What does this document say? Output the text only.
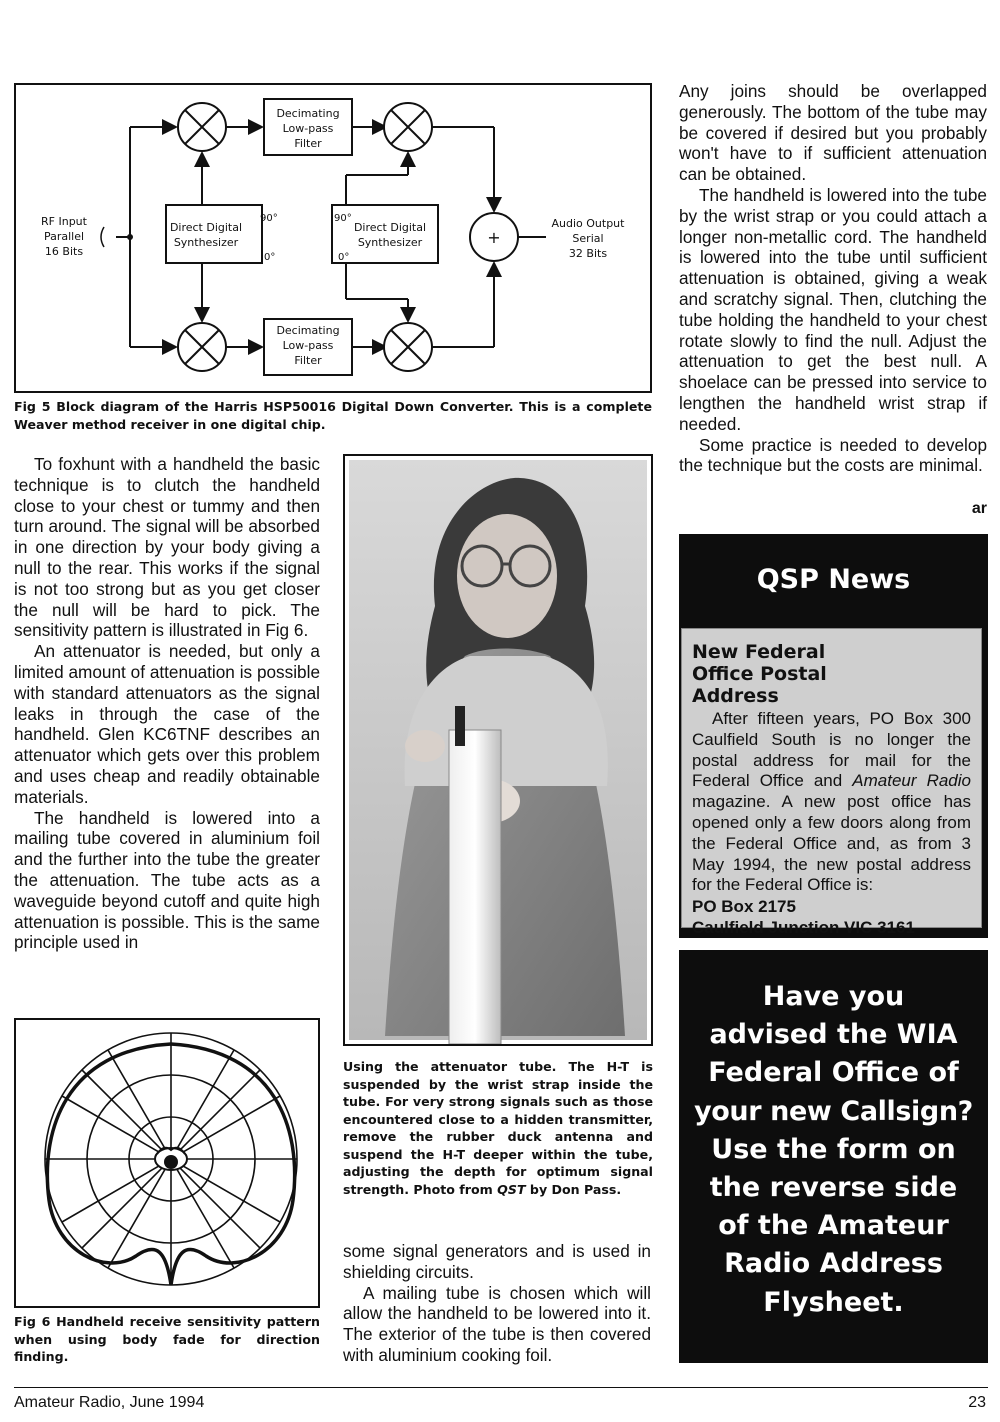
Decimating
Low-pass
Filter
Decimating
Low-pass
Filter
+
Direct Digital
Synthesizer
90°
0°
Direct Digital
Synthesizer
90°
0°
RF Input
Parallel
16 Bits
Audio Output
Serial
32 Bits

Fig 5 Block diagram of the Harris HSP50016 Digital Down Converter. This is a complete Weaver method receiver in one digital chip.

To foxhunt with a handheld the basic technique is to clutch the handheld close to your chest or tummy and then turn around. The signal will be absorbed in one direction by your body giving a null to the rear. This works if the signal is not too strong but as you get closer the null will be hard to pick. The sensitivity pattern is illustrated in Fig 6.

An attenuator is needed, but only a limited amount of attenuation is possible with standard attenuators as the signal leaks in through the case of the handheld. Glen KC6TNF describes an attenuator which gets over this problem and uses cheap and readily obtainable materials.

The handheld is lowered into a mailing tube covered in aluminium foil and the further into the tube the greater the attenuation. The tube acts as a waveguide beyond cutoff and quite high attenuation is possible. This is the same principle used in

Fig 6 Handheld receive sensitivity pattern when using body fade for direction finding.

Using the attenuator tube. The H-T is suspended by the wrist strap inside the tube. For very strong signals such as those encountered close to a hidden transmitter, remove the rubber duck antenna and suspend the H-T deeper within the tube, adjusting the depth for optimum signal strength. Photo from QST by Don Pass.

some signal generators and is used in shielding circuits.

A mailing tube is chosen which will allow the handheld to be lowered into it. The exterior of the tube is then covered with aluminium cooking foil.

Any joins should be overlapped generously. The bottom of the tube may be covered if desired but you probably won't have to if sufficient attenuation can be obtained.

The handheld is lowered into the tube by the wrist strap or you could attach a longer non-metallic cord. The handheld is lowered into the tube until sufficient attenuation is obtained, giving a weak and scratchy signal. Then, clutching the tube holding the handheld to your chest rotate slowly to find the null. Adjust the attenuation to get the best null. A shoelace can be pressed into service to lengthen the handheld wrist strap if needed.

Some practice is needed to develop the technique but the costs are minimal.

ar
QSP News
New Federal Office Postal Address
After fifteen years, PO Box 300 Caulfield South is no longer the postal address for mail for the Federal Office and Amateur Radio magazine. A new post office has opened only a few doors along from the Federal Office and, as from 3 May 1994, the new postal address for the Federal Office is:
PO Box 2175
Caulfield Junction VIC 3161
Have you
advised the WIA
Federal Office of
your new Callsign?
Use the form on
the reverse side
of the Amateur
Radio Address
Flysheet.
Amateur Radio, June 1994	23
